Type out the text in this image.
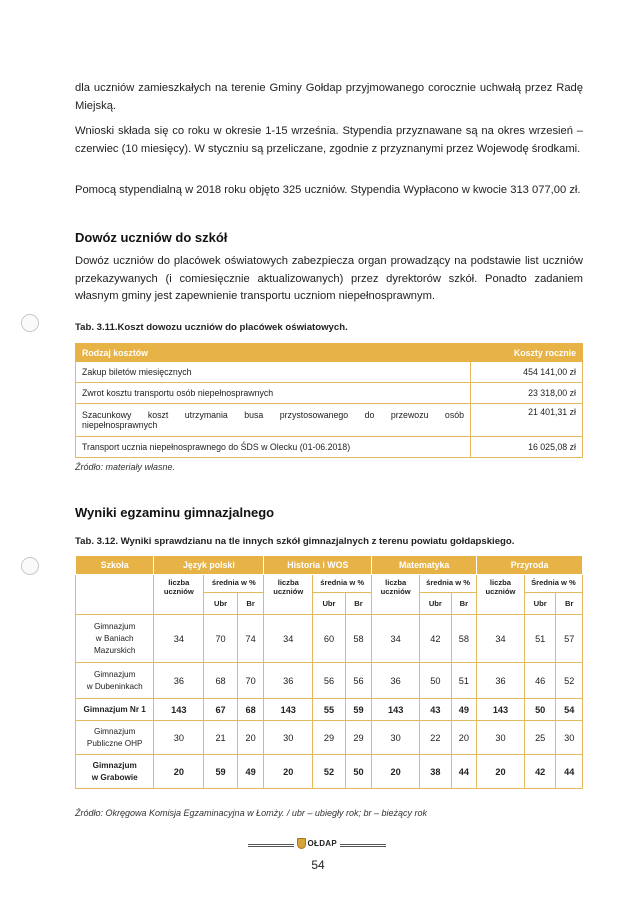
dla uczniów zamieszkałych na terenie Gminy Gołdap przyjmowanego corocznie uchwałą przez Radę Miejską.

Wnioski składa się co roku w okresie 1-15 września. Stypendia przyznawane są na okres wrzesień – czerwiec (10 miesięcy). W styczniu są przeliczane, zgodnie z przyznanymi przez Wojewodę środkami.

Pomocą stypendialną w 2018 roku objęto 325 uczniów. Stypendia Wypłacono w kwocie 313 077,00 zł.

Dowóz uczniów do szkół

Dowóz uczniów do placówek oświatowych zabezpiecza organ prowadzący na podstawie list uczniów przekazywanych (i comiesięcznie aktualizowanych) przez dyrektorów szkół. Ponadto zadaniem własnym gminy jest zapewnienie transportu uczniom niepełnosprawnym.

Tab. 3.11.Koszt dowozu uczniów do placówek oświatowych.
Rodzaj kosztów	Koszty rocznie
Zakup biletów miesięcznych	454 141,00 zł
Zwrot kosztu transportu osób niepełnosprawnych	23 318,00 zł

Szacunkowy koszt utrzymania busa przystosowanego do przewozu osób
niepełnosprawnych	21 401,31 zł
Transport ucznia niepełnosprawnego do ŚDS w Olecku (01-06.2018)	16 025,08 zł
Źródło: materiały własne.
Wyniki egzaminu gimnazjalnego
Tab. 3.12. Wyniki sprawdzianu na tle innych szkół gimnazjalnych z terenu powiatu gołdapskiego.
Szkoła	Język polski			Historia i WOS			Matematyka			Przyroda		
	liczba
uczniów	średnia w %		liczba
uczniów	średnia w %		liczba
uczniów	średnia w %		liczba
uczniów	Średnia w %	
		Ubr	Br		Ubr	Br		Ubr	Br		Ubr	Br
Gimnazjum
w Baniach
Mazurskich	34	70	74	34	60	58	34	42	58	34	51	57
Gimnazjum
w Dubeninkach	36	68	70	36	56	56	36	50	51	36	46	52
Gimnazjum Nr 1	143	67	68	143	55	59	143	43	49	143	50	54
Gimnazjum
Publiczne OHP	30	21	20	30	29	29	30	22	20	30	25	30
Gimnazjum
w Grabowie	20	59	49	20	52	50	20	38	44	20	42	44
Źródło: Okręgowa Komisja Egzaminacyjna w Łomży. / ubr – ubiegły rok; br – bieżący rok
OŁDAP
54
